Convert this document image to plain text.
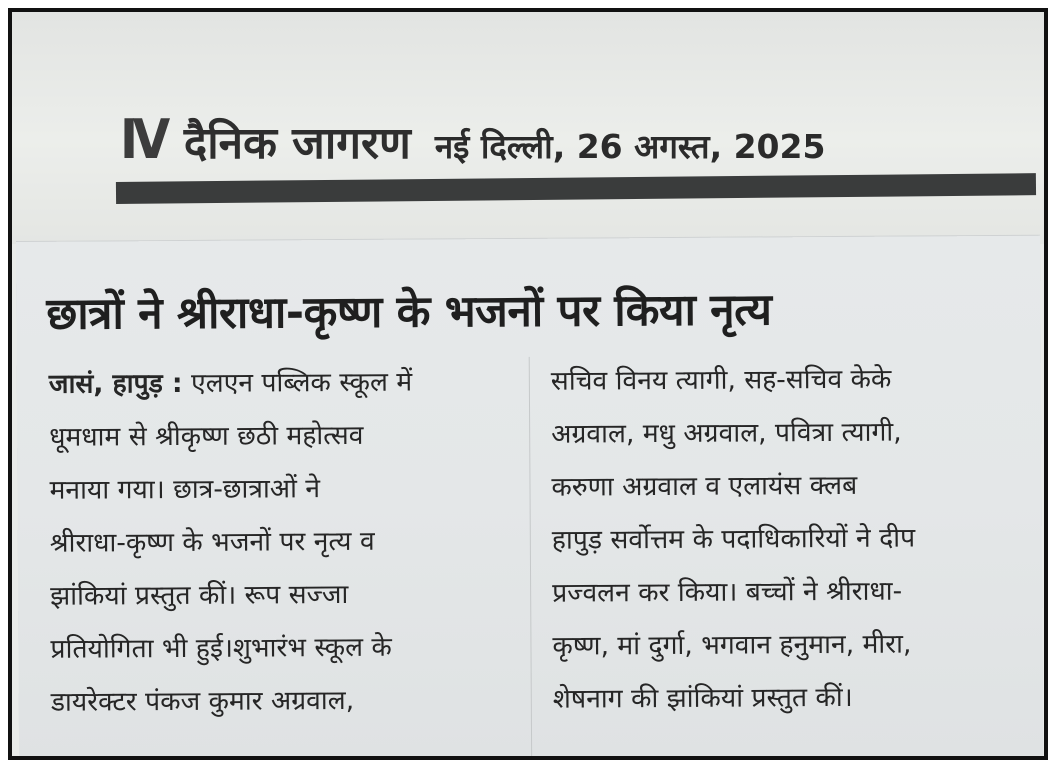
IV दैनिक जागरण नई दिल्ली, 26 अगस्त, 2025
छात्रों ने श्रीराधा-कृष्ण के भजनों पर किया नृत्य
जासं, हापुड़ : एलएन पब्लिक स्कूल में
धूमधाम से श्रीकृष्ण छठी महोत्सव
मनाया गया। छात्र-छात्राओं ने
श्रीराधा-कृष्ण के भजनों पर नृत्य व
झांकियां प्रस्तुत कीं। रूप सज्जा
प्रतियोगिता भी हुई।शुभारंभ स्कूल के
डायरेक्टर पंकज कुमार अग्रवाल,
सचिव विनय त्यागी, सह-सचिव केके
अग्रवाल, मधु अग्रवाल, पवित्रा त्यागी,
करुणा अग्रवाल व एलायंस क्लब
हापुड़ सर्वोत्तम के पदाधिकारियों ने दीप
प्रज्वलन कर किया। बच्चों ने श्रीराधा-
कृष्ण, मां दुर्गा, भगवान हनुमान, मीरा,
शेषनाग की झांकियां प्रस्तुत कीं।
